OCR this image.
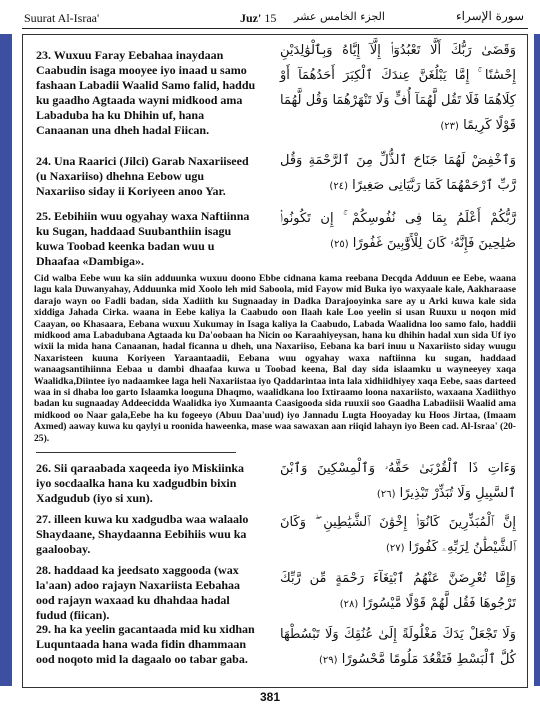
Suurat Al-Israa'	Juz' 15 الجزء الخامس عشر	سورة الإسراء
23. Wuxuu Faray Eebahaa inaydaan Caabudin isaga mooyee iyo inaad u samo fashaan Labadii Waalid Samo falid, haddu ku gaadho Agtaada wayni midkood ama Labaduba ha ku Dhihin uf, hana Canaanan una dheh hadal Fiican.
24. Una Raarici (Jilci) Garab Naxariiseed (u Naxariiso) dhehna Eebow ugu Naxariiso siday ii Koriyeen anoo Yar.
25. Eebihiin wuu ogyahay waxa Naftiinna ku Sugan, haddaad Suubanthiin isagu kuwa Toobad keenka badan wuu u Dhaafaa «Dambiga».
وَقَضَىٰ رَبُّكَ أَلَّا تَعْبُدُوٓا۟ إِلَّآ إِيَّاهُ وَبِٱلْوَٰلِدَيْنِ إِحْسَٰنًا ۚ إِمَّا يَبْلُغَنَّ عِندَكَ ٱلْكِبَرَ أَحَدُهُمَآ أَوْ كِلَاهُمَا فَلَا تَقُل لَّهُمَآ أُفٍّ وَلَا تَنْهَرْهُمَا وَقُل لَّهُمَا قَوْلًا كَرِيمًا (٢٣)
وَٱخْفِضْ لَهُمَا جَنَاحَ ٱلذُّلِّ مِنَ ٱلرَّحْمَةِ وَقُل رَّبِّ ٱرْحَمْهُمَا كَمَا رَبَّيَانِى صَغِيرًا (٢٤)
رَّبُّكُمْ أَعْلَمُ بِمَا فِى نُفُوسِكُمْ ۚ إِن تَكُونُوا۟ صَٰلِحِينَ فَإِنَّهُۥ كَانَ لِلْأَوَّٰبِينَ غَفُورًا (٢٥)
Cid walba Eebe wuu ka siin adduunka wuxuu doono Ebbe cidnana kama reebana Decqda Adduun ee Eebe, waana lagu kala Duwanyahay, Adduunka mid Xoolo leh mid Saboola, mid Fayow mid Buka iyo waxyaale kale, Aakharaase darajo wayn oo Fadli badan, sida Xadiith ku Sugnaaday in Dadka Darajooyinka sare ay u Arki kuwa kale sida xiddiga Jahada Cirka. waana in Eebe kaliya la Caabudo oon Ilaah kale Loo yeelin si usan Ruuxu u noqon mid Caayan, oo Khasaara, Eebana wuxuu Xukumay in Isaga kaliya la Caabudo, Labada Waalidna loo samo falo, haddii midkood ama Labadubana Agtaada ku Da'oobaan ha Nicin oo Karaahiyeysan, hana ku dhihin hadal xun sida Uf iyo wixii la mida hana Canaanan, hadal ficanna u dheh, una Naxariiso, Eebana ka bari inuu u Naxariisto siday wuugu Naxaristeen kuuna Koriyeen Yaraantaadii, Eebana wuu ogyahay waxa naftiinna ku sugan, haddaad wanaagsantihiinna Eebaa u dambi dhaafaa kuwa u Toobad keena, Bal day sida islaamku u wayneeyey xaqa Waalidka,Diintee iyo nadaamkee laga heli Naxariistaa iyo Qaddarintaa inta lala xidhiidhiyey xaqa Eebe, saas darteed waa in si dhaba loo garto Islaamka looguna Dhaqmo, waalidkana loo Ixtiraamo loona naxariisto, waxaana Xadiithyo badan ku sugnaaday Addeecidda Waalidka iyo Xumaanta Caasigooda sida ruuxii soo Gaadha Labadiisii Waalid ama midkood oo Naar gala,Eebe ha ku fogeeyo (Abuu Daa'uud) iyo Jannadu Lugta Hooyaday ku Hoos Jirtaa, (Imaam Axmed) aaway kuwa ku qaylyi u roonida haweenka, mase waa sawaxan aan riiqid lahayn iyo Been cad. Al-Israa' (20-25).
26. Sii qaraabada xaqeeda iyo Miskiinka iyo socdaalka hana ku xadgudbin bixin Xadgudub (iyo si xun).
27. illeen kuwa ku xadgudba waa walaalo Shaydaane, Shaydaanna Eebihiis wuu ka gaaloobay.
28. haddaad ka jeedsato xaggooda (wax la'aan) adoo rajayn Naxariista Eebahaa ood rajayn waxaad ku dhahdaa hadal fudud (fiican).
29. ha ka yeelin gacantaada mid ku xidhan Luquntaada hana wada fidin dhammaan ood noqoto mid la dagaalo oo tabar gaba.
وَءَاتِ ذَا ٱلْقُرْبَىٰ حَقَّهُۥ وَٱلْمِسْكِينَ وَٱبْنَ ٱلسَّبِيلِ وَلَا تُبَذِّرْ تَبْذِيرًا (٢٦)
إِنَّ ٱلْمُبَذِّرِينَ كَانُوٓا۟ إِخْوَٰنَ ٱلشَّيَٰطِينِ ۖ وَكَانَ ٱلشَّيْطَٰنُ لِرَبِّهِۦ كَفُورًا (٢٧)
وَإِمَّا تُعْرِضَنَّ عَنْهُمُ ٱبْتِغَآءَ رَحْمَةٍ مِّن رَّبِّكَ تَرْجُوهَا فَقُل لَّهُمْ قَوْلًا مَّيْسُورًا (٢٨)
وَلَا تَجْعَلْ يَدَكَ مَغْلُولَةً إِلَىٰ عُنُقِكَ وَلَا تَبْسُطْهَا كُلَّ ٱلْبَسْطِ فَتَقْعُدَ مَلُومًا مَّحْسُورًا (٢٩)
381
